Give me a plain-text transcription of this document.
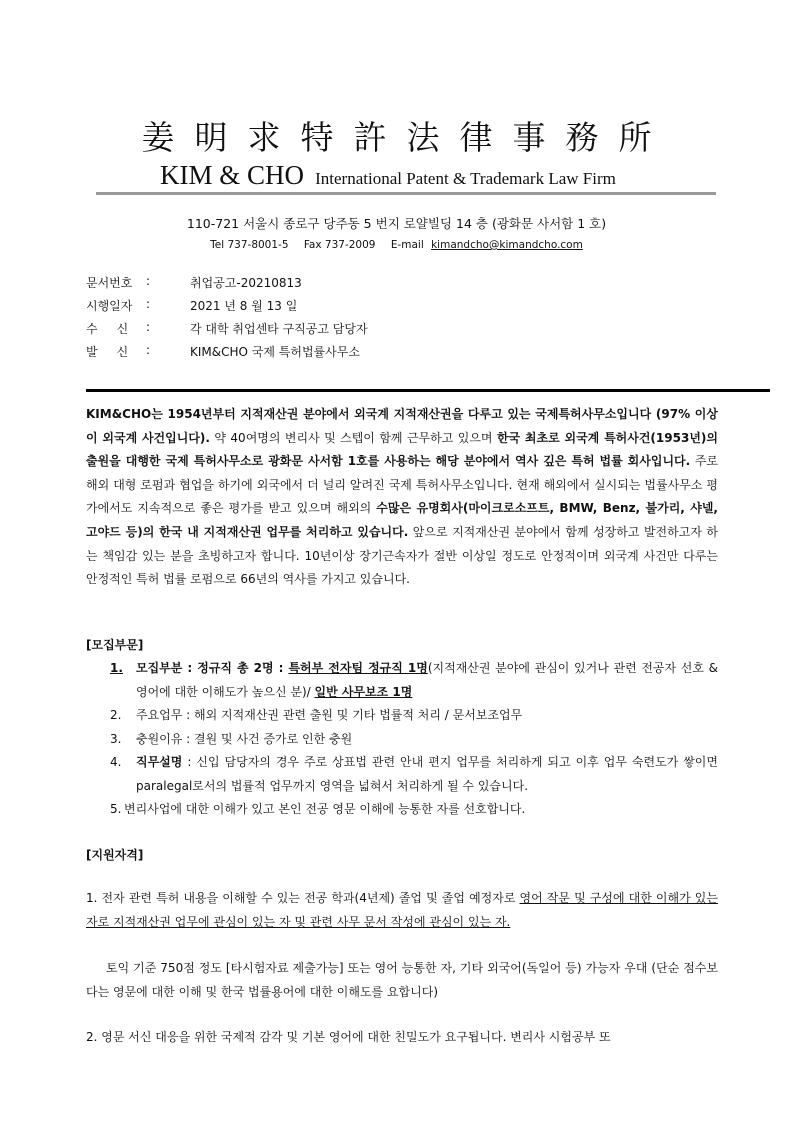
姜明求特許法律事務所
KIM & CHO International Patent & Trademark Law Firm
110-721 서울시 종로구 당주동 5 번지 로얄빌딩 14 층 (광화문 사서함 1 호)
Tel 737-8001-5 Fax 737-2009 E-mail kimandcho@kimandcho.com
문서번호	:	취업공고-20210813
시행일자	:	2021 년 8 월 13 일
수     신	:	각 대학 취업센타 구직공고 담당자
발     신	:	KIM&CHO 국제 특허법률사무소
KIM&CHO는 1954년부터 지적재산권 분야에서 외국계 지적재산권을 다루고 있는 국제특허사무소입니다 (97% 이상이 외국계 사건입니다). 약 40여명의 변리사 및 스텝이 함께 근무하고 있으며 한국 최초로 외국계 특허사건(1953년)의 출원을 대행한 국제 특허사무소로 광화문 사서함 1호를 사용하는 해당 분야에서 역사 깊은 특허 법률 회사입니다. 주로 해외 대형 로펌과 협업을 하기에 외국에서 더 널리 알려진 국제 특허사무소입니다. 현재 해외에서 실시되는 법률사무소 평가에서도 지속적으로 좋은 평가를 받고 있으며 해외의 수많은 유명회사(마이크로소프트, BMW, Benz, 불가리, 샤넬, 고야드 등)의 한국 내 지적재산권 업무를 처리하고 있습니다. 앞으로 지적재산권 분야에서 함께 성장하고 발전하고자 하는 책임감 있는 분을 초빙하고자 합니다. 10년이상 장기근속자가 절반 이상일 정도로 안정적이며 외국계 사건만 다루는 안정적인 특허 법률 로펌으로 66년의 역사를 가지고 있습니다.
[모집부문]
1.	모집부분 : 정규직 총 2명 : 특허부 전자팀 정규직 1명(지적재산권 분야에 관심이 있거나 관련 전공자 선호 & 영어에 대한 이해도가 높으신 분)/ 일반 사무보조 1명
2.	주요업무 : 해외 지적재산권 관련 출원 및 기타 법률적 처리 / 문서보조업무
3.	충원이유 : 결원 및 사건 증가로 인한 충원
4.	직무설명 : 신입 담당자의 경우 주로 상표법 관련 안내 편지 업무를 처리하게 되고 이후 업무 숙련도가 쌓이면 paralegal로서의 법률적 업무까지 영역을 넓혀서 처리하게 될 수 있습니다.
5. 변리사업에 대한 이해가 있고 본인 전공 영문 이해에 능통한 자를 선호합니다.
[지원자격]
1. 전자 관련 특허 내용을 이해할 수 있는 전공 학과(4년제) 졸업 및 졸업 예정자로 영어 작문 및 구성에 대한 이해가 있는 자로 지적재산권 업무에 관심이 있는 자 및 관련 사무 문서 작성에 관심이 있는 자.
토익 기준 750점 정도 [타시험자료 제출가능] 또는 영어 능통한 자, 기타 외국어(독일어 등) 가능자 우대 (단순 점수보다는 영문에 대한 이해 및 한국 법률용어에 대한 이해도를 요합니다)
2. 영문 서신 대응을 위한 국제적 감각 및 기본 영어에 대한 친밀도가 요구됩니다. 변리사 시험공부 또
